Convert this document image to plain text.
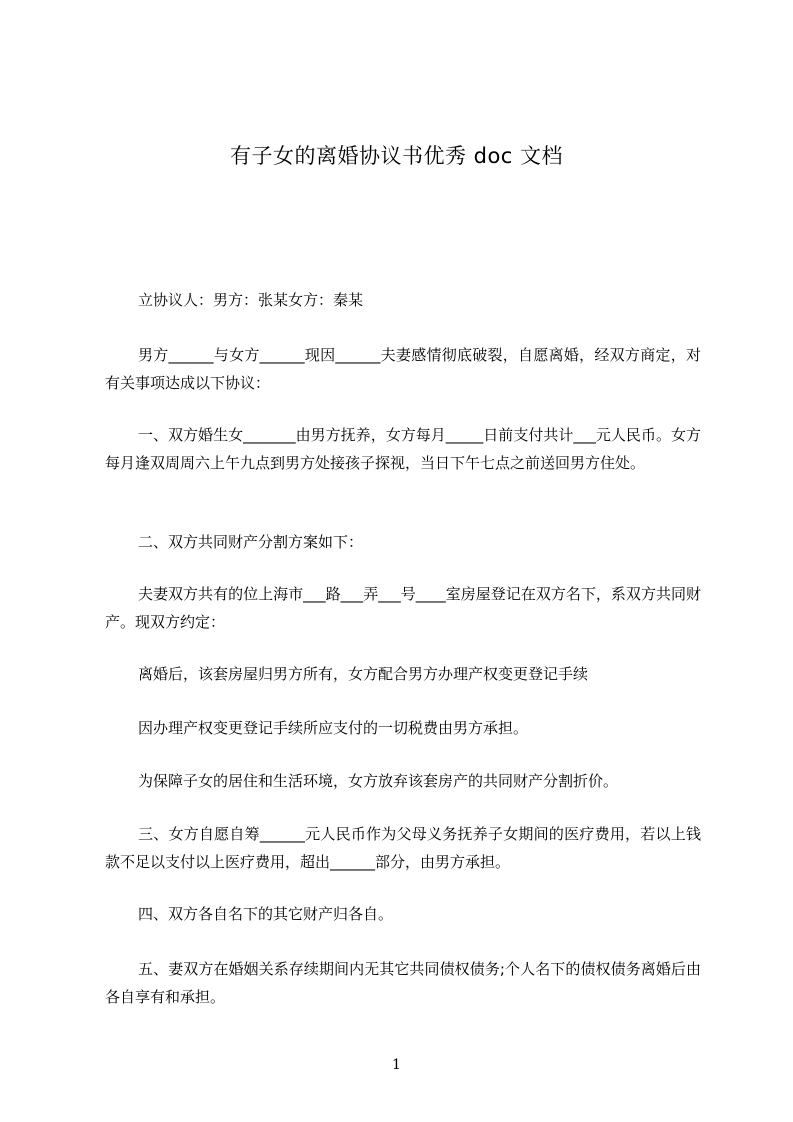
有子女的离婚协议书优秀 doc 文档
立协议人：男方：张某女方：秦某
男方______与女方______现因______夫妻感情彻底破裂，自愿离婚，经双方商定，对有关事项达成以下协议：
一、双方婚生女_______由男方抚养，女方每月_____日前支付共计___元人民币。女方每月逢双周周六上午九点到男方处接孩子探视，当日下午七点之前送回男方住处。
二、双方共同财产分割方案如下：
夫妻双方共有的位上海市___路___弄___号____室房屋登记在双方名下，系双方共同财产。现双方约定：
离婚后，该套房屋归男方所有，女方配合男方办理产权变更登记手续
因办理产权变更登记手续所应支付的一切税费由男方承担。
为保障子女的居住和生活环境，女方放弃该套房产的共同财产分割折价。
三、女方自愿自筹______元人民币作为父母义务抚养子女期间的医疗费用，若以上钱款不足以支付以上医疗费用，超出______部分，由男方承担。
四、双方各自名下的其它财产归各自。
五、妻双方在婚姻关系存续期间内无其它共同债权债务;个人名下的债权债务离婚后由各自享有和承担。
1
